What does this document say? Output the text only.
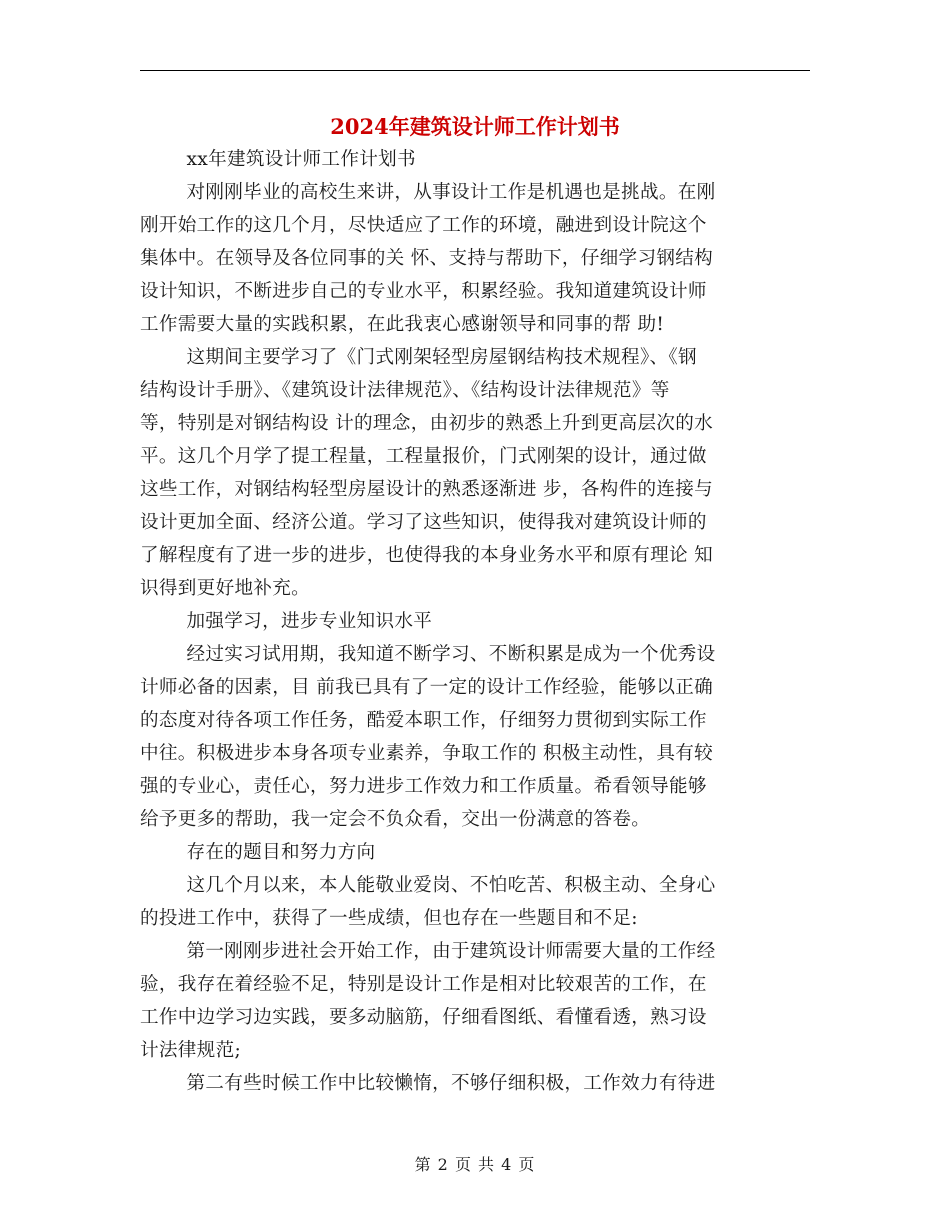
2024年建筑设计师工作计划书

xx年建筑设计师工作计划书

对刚刚毕业的高校生来讲，从事设计工作是机遇也是挑战。在刚
刚开始工作的这几个月，尽快适应了工作的环境，融进到设计院这个
集体中。在领导及各位同事的关 怀、支持与帮助下，仔细学习钢结构
设计知识，不断进步自己的专业水平，积累经验。我知道建筑设计师
工作需要大量的实践积累，在此我衷心感谢领导和同事的帮 助!

这期间主要学习了《门式刚架轻型房屋钢结构技术规程》、《钢
结构设计手册》、《建筑设计法律规范》、《结构设计法律规范》等
等，特别是对钢结构设 计的理念，由初步的熟悉上升到更高层次的水
平。这几个月学了提工程量，工程量报价，门式刚架的设计，通过做
这些工作，对钢结构轻型房屋设计的熟悉逐渐进 步，各构件的连接与
设计更加全面、经济公道。学习了这些知识，使得我对建筑设计师的
了解程度有了进一步的进步，也使得我的本身业务水平和原有理论 知
识得到更好地补充。

加强学习，进步专业知识水平

经过实习试用期，我知道不断学习、不断积累是成为一个优秀设
计师必备的因素，目 前我已具有了一定的设计工作经验，能够以正确
的态度对待各项工作任务，酷爱本职工作，仔细努力贯彻到实际工作
中往。积极进步本身各项专业素养，争取工作的 积极主动性，具有较
强的专业心，责任心，努力进步工作效力和工作质量。希看领导能够
给予更多的帮助，我一定会不负众看，交出一份满意的答卷。

存在的题目和努力方向

这几个月以来，本人能敬业爱岗、不怕吃苦、积极主动、全身心
的投进工作中，获得了一些成绩，但也存在一些题目和不足:

第一刚刚步进社会开始工作，由于建筑设计师需要大量的工作经
验，我存在着经验不足，特别是设计工作是相对比较艰苦的工作，在
工作中边学习边实践，要多动脑筋，仔细看图纸、看懂看透，熟习设
计法律规范;

第二有些时候工作中比较懒惰，不够仔细积极，工作效力有待进

第 2 页 共 4 页
